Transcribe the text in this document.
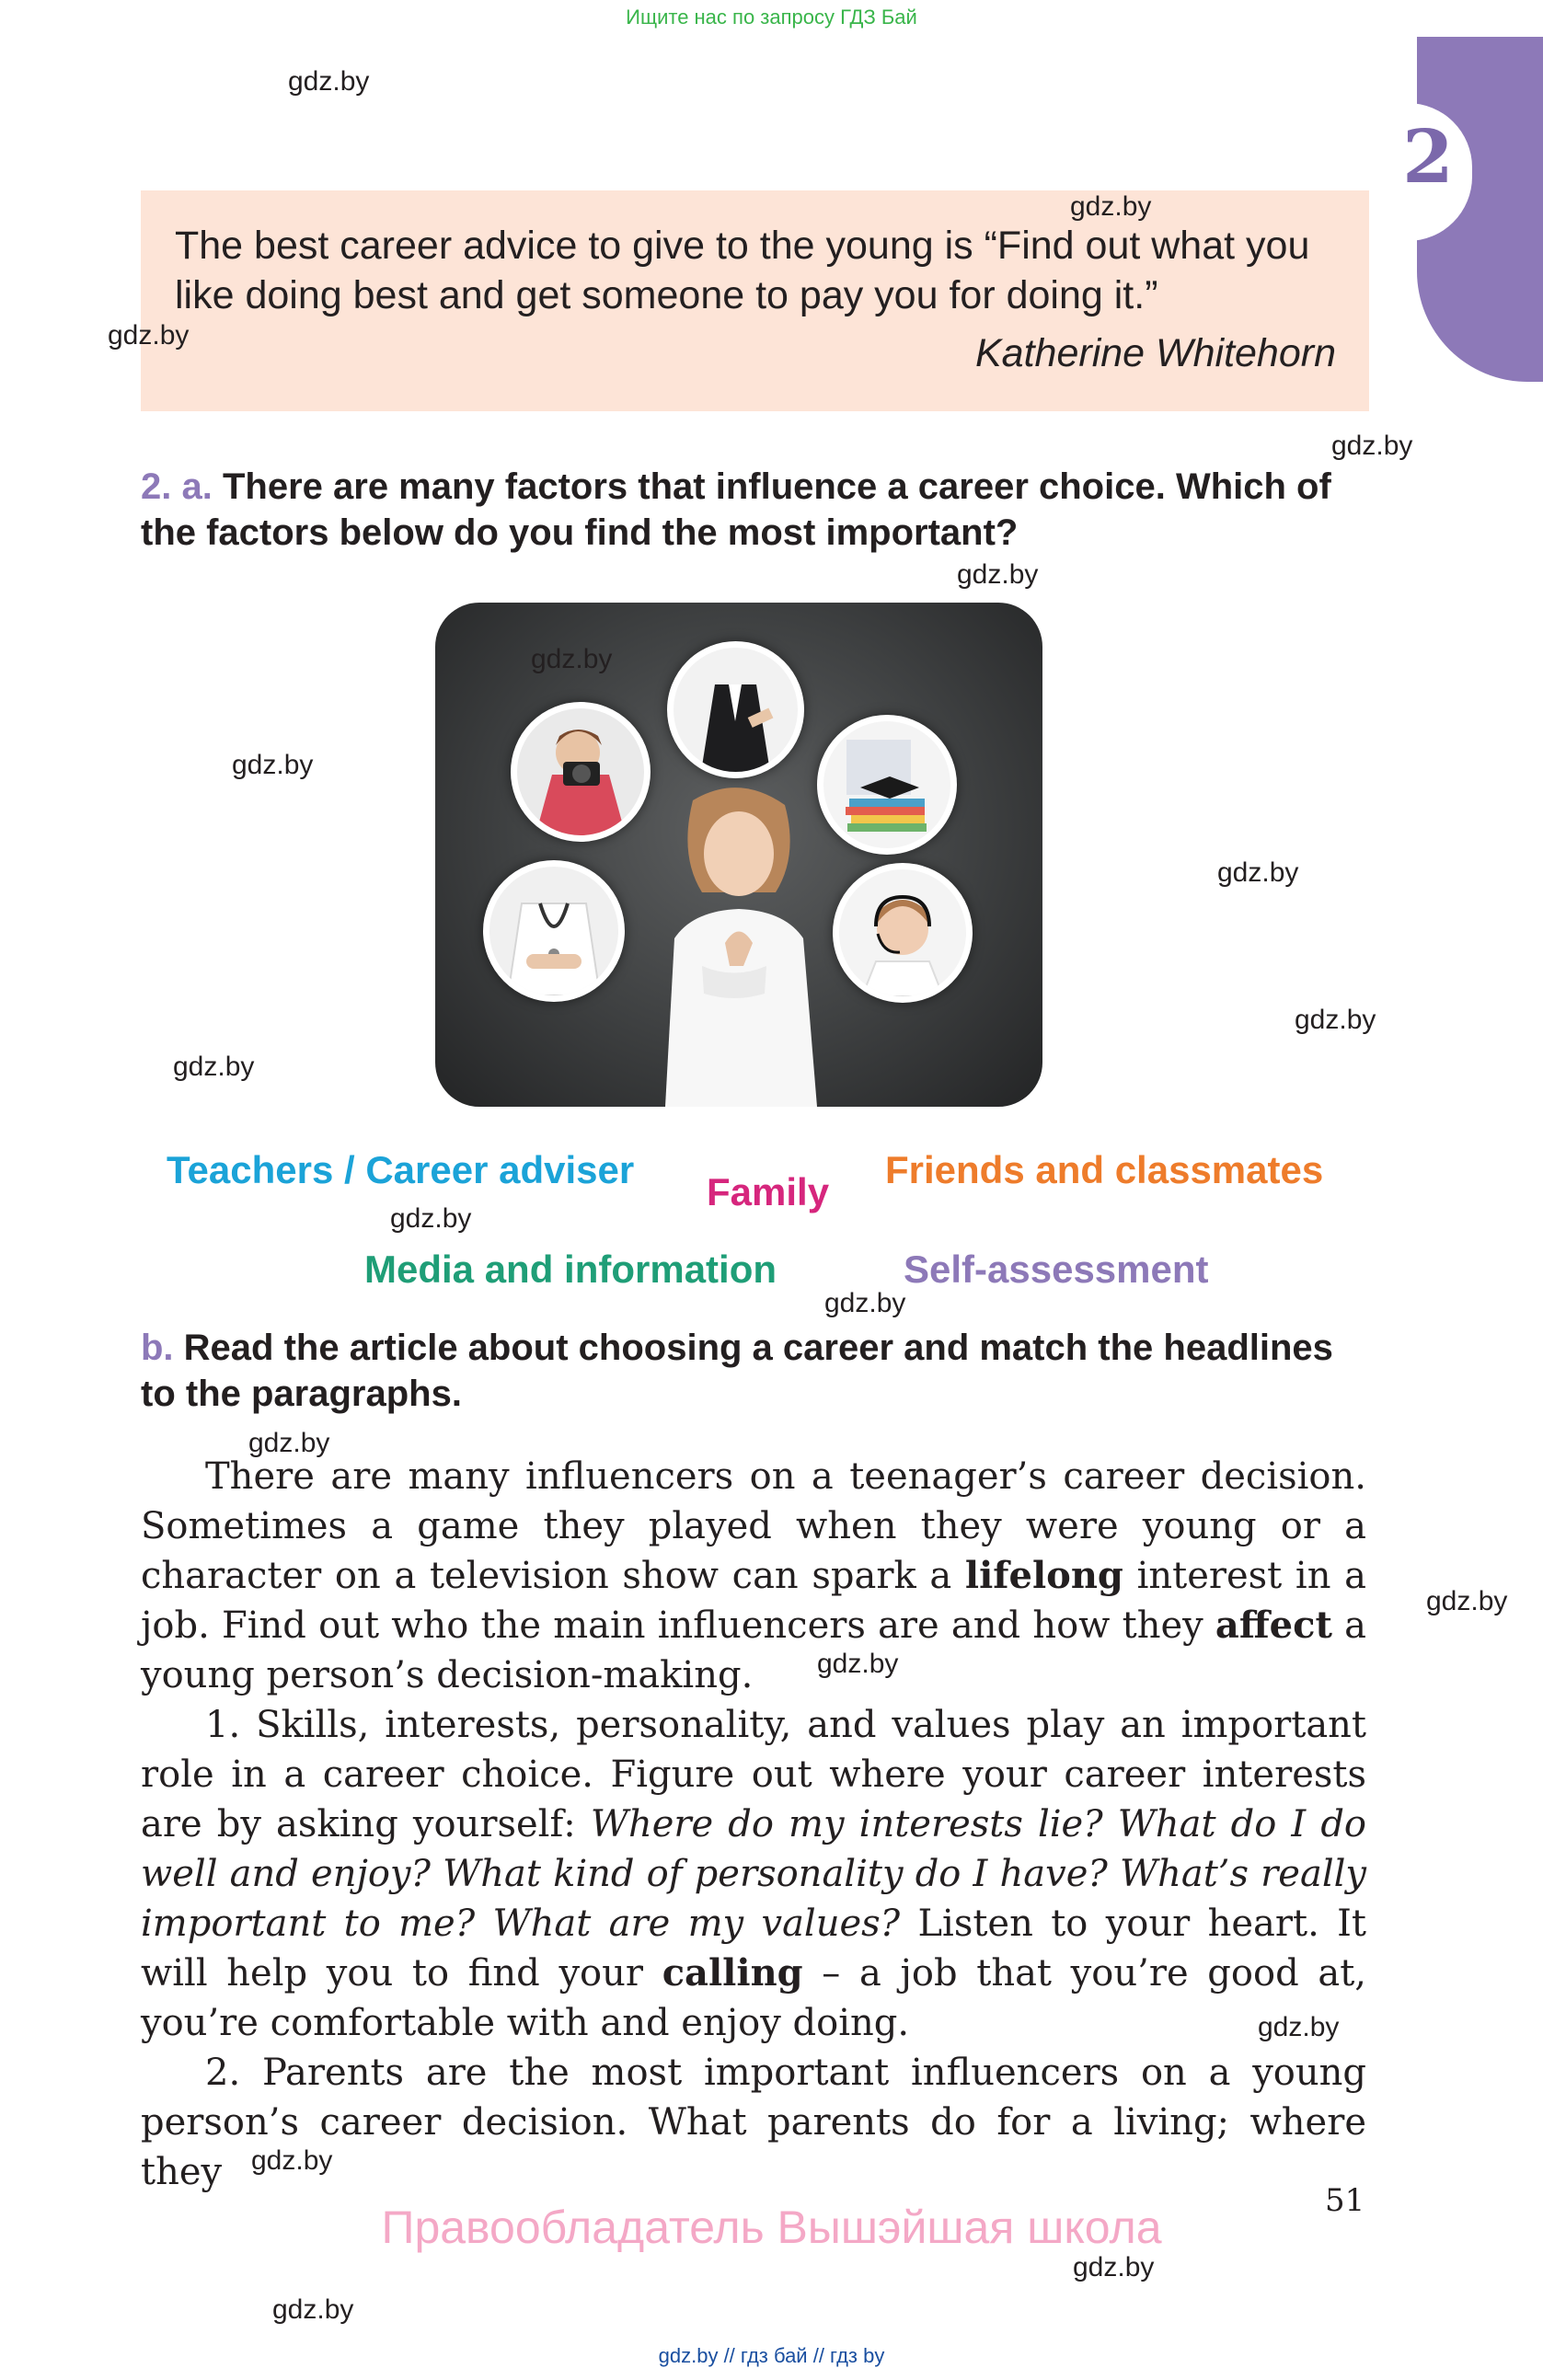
Ищите нас по запросу ГДЗ Бай
2
The best career advice to give to the young is “Find out what you like doing best and get someone to pay you for doing it.”
Katherine Whitehorn
2. a. There are many factors that influence a career choice. Which of the factors below do you find the most important?
Teachers / Career adviser
Family
Friends and classmates
Media and information	Self-assessment
b. Read the article about choosing a career and match the headlines to the paragraphs.

There are many influencers on a teenager’s career decision. Sometimes a game they played when they were young or a character on a television show can spark a lifelong interest in a job. Find out who the main influencers are and how they affect a young person’s decision-making.

1. Skills, interests, personality, and values play an important role in a career choice. Figure out where your career interests are by asking yourself: Where do my interests lie? What do I do well and enjoy? What kind of personality do I have? What’s really important to me? What are my values? Listen to your heart. It will help you to find your calling – a job that you’re good at, you’re comfortable with and enjoy doing.

2. Parents are the most important influencers on a young person’s career decision. What parents do for a living; where they

gdz.by
gdz.by
gdz.by
gdz.by
gdz.by
gdz.by
gdz.by
gdz.by
gdz.by
gdz.by
gdz.by
gdz.by
gdz.by
gdz.by
gdz.by
gdz.by
gdz.by
gdz.by
gdz.by
51
Правообладатель Вышэйшая школа
gdz.by // гдз бай // гдз by
